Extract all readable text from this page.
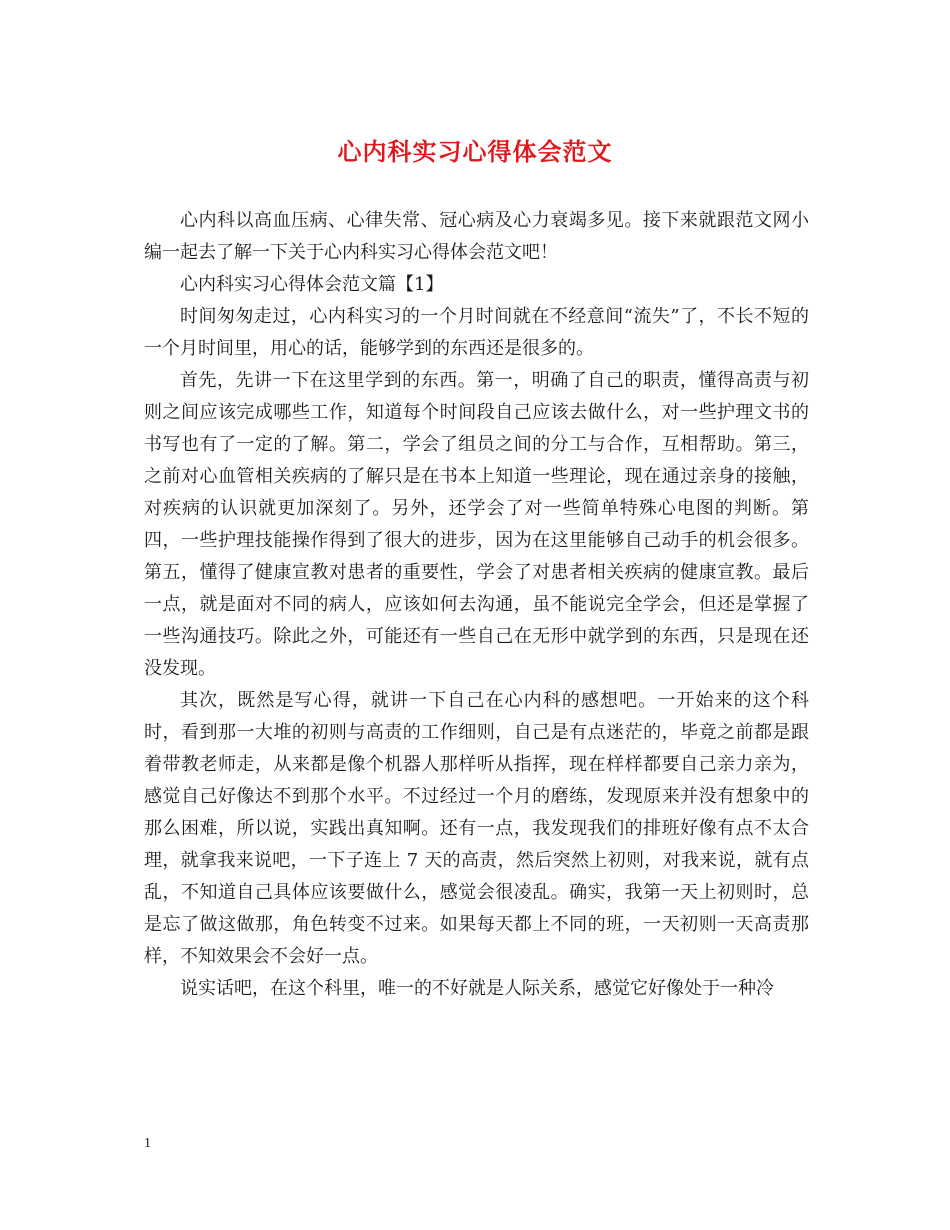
心内科实习心得体会范文

心内科以高血压病、心律失常、冠心病及心力衰竭多见。接下来就跟范文网小编一起去了解一下关于心内科实习心得体会范文吧！

心内科实习心得体会范文篇【1】

时间匆匆走过，心内科实习的一个月时间就在不经意间“流失”了，不长不短的一个月时间里，用心的话，能够学到的东西还是很多的。

首先，先讲一下在这里学到的东西。第一，明确了自己的职责，懂得高责与初则之间应该完成哪些工作，知道每个时间段自己应该去做什么，对一些护理文书的书写也有了一定的了解。第二，学会了组员之间的分工与合作，互相帮助。第三，之前对心血管相关疾病的了解只是在书本上知道一些理论，现在通过亲身的接触，对疾病的认识就更加深刻了。另外，还学会了对一些简单特殊心电图的判断。第四，一些护理技能操作得到了很大的进步，因为在这里能够自己动手的机会很多。第五，懂得了健康宣教对患者的重要性，学会了对患者相关疾病的健康宣教。最后一点，就是面对不同的病人，应该如何去沟通，虽不能说完全学会，但还是掌握了一些沟通技巧。除此之外，可能还有一些自己在无形中就学到的东西，只是现在还没发现。

其次，既然是写心得，就讲一下自己在心内科的感想吧。一开始来的这个科时，看到那一大堆的初则与高责的工作细则，自己是有点迷茫的，毕竟之前都是跟着带教老师走，从来都是像个机器人那样听从指挥，现在样样都要自己亲力亲为，感觉自己好像达不到那个水平。不过经过一个月的磨练，发现原来并没有想象中的那么困难，所以说，实践出真知啊。还有一点，我发现我们的排班好像有点不太合理，就拿我来说吧，一下子连上 7 天的高责，然后突然上初则，对我来说，就有点乱，不知道自己具体应该要做什么，感觉会很凌乱。确实，我第一天上初则时，总是忘了做这做那，角色转变不过来。如果每天都上不同的班，一天初则一天高责那样，不知效果会不会好一点。

说实话吧，在这个科里，唯一的不好就是人际关系，感觉它好像处于一种冷

1
